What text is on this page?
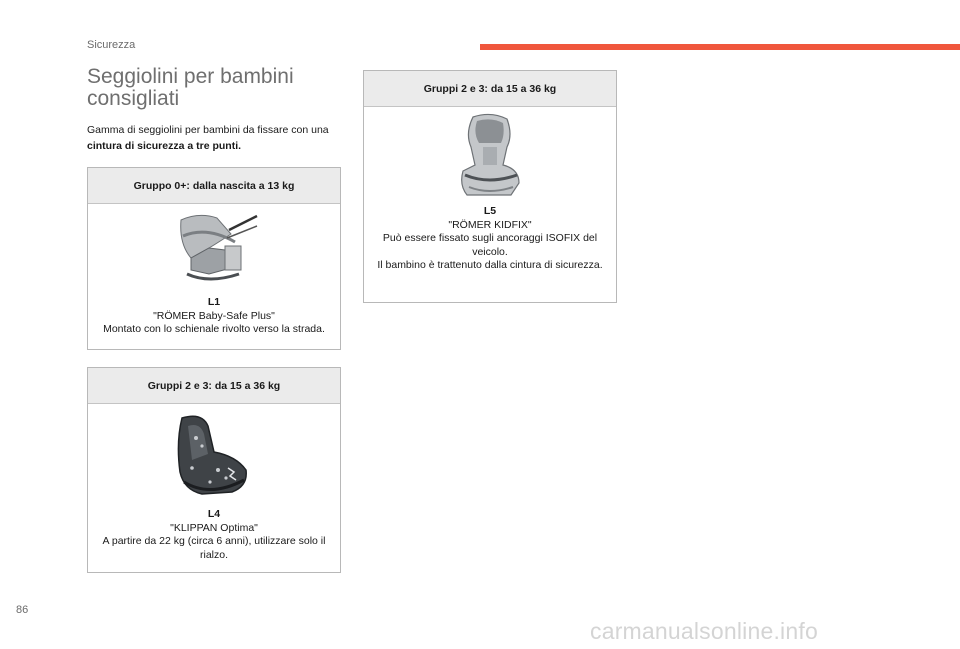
Sicurezza
Seggiolini per bambini
consigliati
Gamma di seggiolini per bambini da fissare con una cintura di sicurezza a tre punti.
Gruppo 0+: dalla nascita a 13 kg
L1
"RÖMER Baby-Safe Plus"
Montato con lo schienale rivolto verso la strada.
Gruppi 2 e 3: da 15 a 36 kg
L4
"KLIPPAN Optima"
A partire da 22 kg (circa 6 anni), utilizzare solo il rialzo.
Gruppi 2 e 3: da 15 a 36 kg
L5
"RÖMER KIDFIX"
Può essere fissato sugli ancoraggi ISOFIX del veicolo.
Il bambino è trattenuto dalla cintura di sicurezza.
86
carmanualsonline.info
